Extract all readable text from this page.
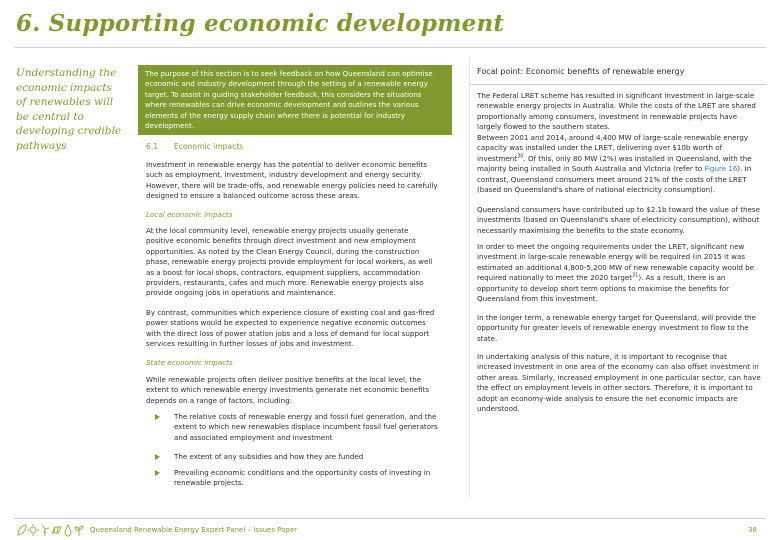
6. Supporting economic development

Understanding the economic impacts of renewables will be central to developing credible pathways

The purpose of this section is to seek feedback on how Queensland can optimise economic and industry development through the setting of a renewable energy target. To assist in guiding stakeholder feedback, this considers the situations where renewables can drive economic development and outlines the various elements of the energy supply chain where there is potential for industry development.

6.1 Economic impacts

Investment in renewable energy has the potential to deliver economic benefits such as employment, investment, industry development and energy security. However, there will be trade-offs, and renewable energy policies need to carefully designed to ensure a balanced outcome across these areas.

Local economic impacts

At the local community level, renewable energy projects usually generate positive economic benefits through direct investment and new employment opportunities. As noted by the Clean Energy Council, during the construction phase, renewable energy projects provide employment for local workers, as well as a boost for local shops, contractors, equipment suppliers, accommodation providers, restaurants, cafes and much more. Renewable energy projects also provide ongoing jobs in operations and maintenance.

By contrast, communities which experience closure of existing coal and gas-fired power stations would be expected to experience negative economic outcomes with the direct loss of power station jobs and a loss of demand for local support services resulting in further losses of jobs and investment.

State economic impacts

While renewable projects often deliver positive benefits at the local level, the extent to which renewable energy investments generate net economic benefits depends on a range of factors, including:

The relative costs of renewable energy and fossil fuel generation, and the extent to which new renewables displace incumbent fossil fuel generators and associated employment and investment

The extent of any subsidies and how they are funded

Prevailing economic conditions and the opportunity costs of investing in renewable projects.

Focal point: Economic benefits of renewable energy

The Federal LRET scheme has resulted in significant investment in large-scale renewable energy projects in Australia. While the costs of the LRET are shared proportionally among consumers, investment in renewable projects have largely flowed to the southern states.

Between 2001 and 2014, around 4,400 MW of large-scale renewable energy capacity was installed under the LRET, delivering over $10b worth of investment$^{30}$. Of this, only 80 MW (2%) was installed in Queensland, with the majority being installed in South Australia and Victoria (refer to Figure 16). In contrast, Queensland consumers meet around 21% of the costs of the LRET (based on Queensland's share of national electricity consumption).

Queensland consumers have contributed up to $2.1b toward the value of these investments (based on Queensland's share of electricity consumption), without necessarily maximising the benefits to the state economy.

In order to meet the ongoing requirements under the LRET, significant new investment in large-scale renewable energy will be required (in 2015 it was estimated an additional 4,800-5,200 MW of new renewable capacity would be required nationally to meet the 2020 target$^{31}$). As a result, there is an opportunity to develop short term options to maximise the benefits for Queensland from this investment.

In the longer term, a renewable energy target for Queensland, will provide the opportunity for greater levels of renewable energy investment to flow to the state.

In undertaking analysis of this nature, it is important to recognise that increased investment in one area of the economy can also offset investment in other areas. Similarly, increased employment in one particular sector, can have the effect on employment levels in other sectors. Therefore, it is important to adopt an economy-wide analysis to ensure the net economic impacts are understood.

Queensland Renewable Energy Expert Panel – Issues Paper	38
